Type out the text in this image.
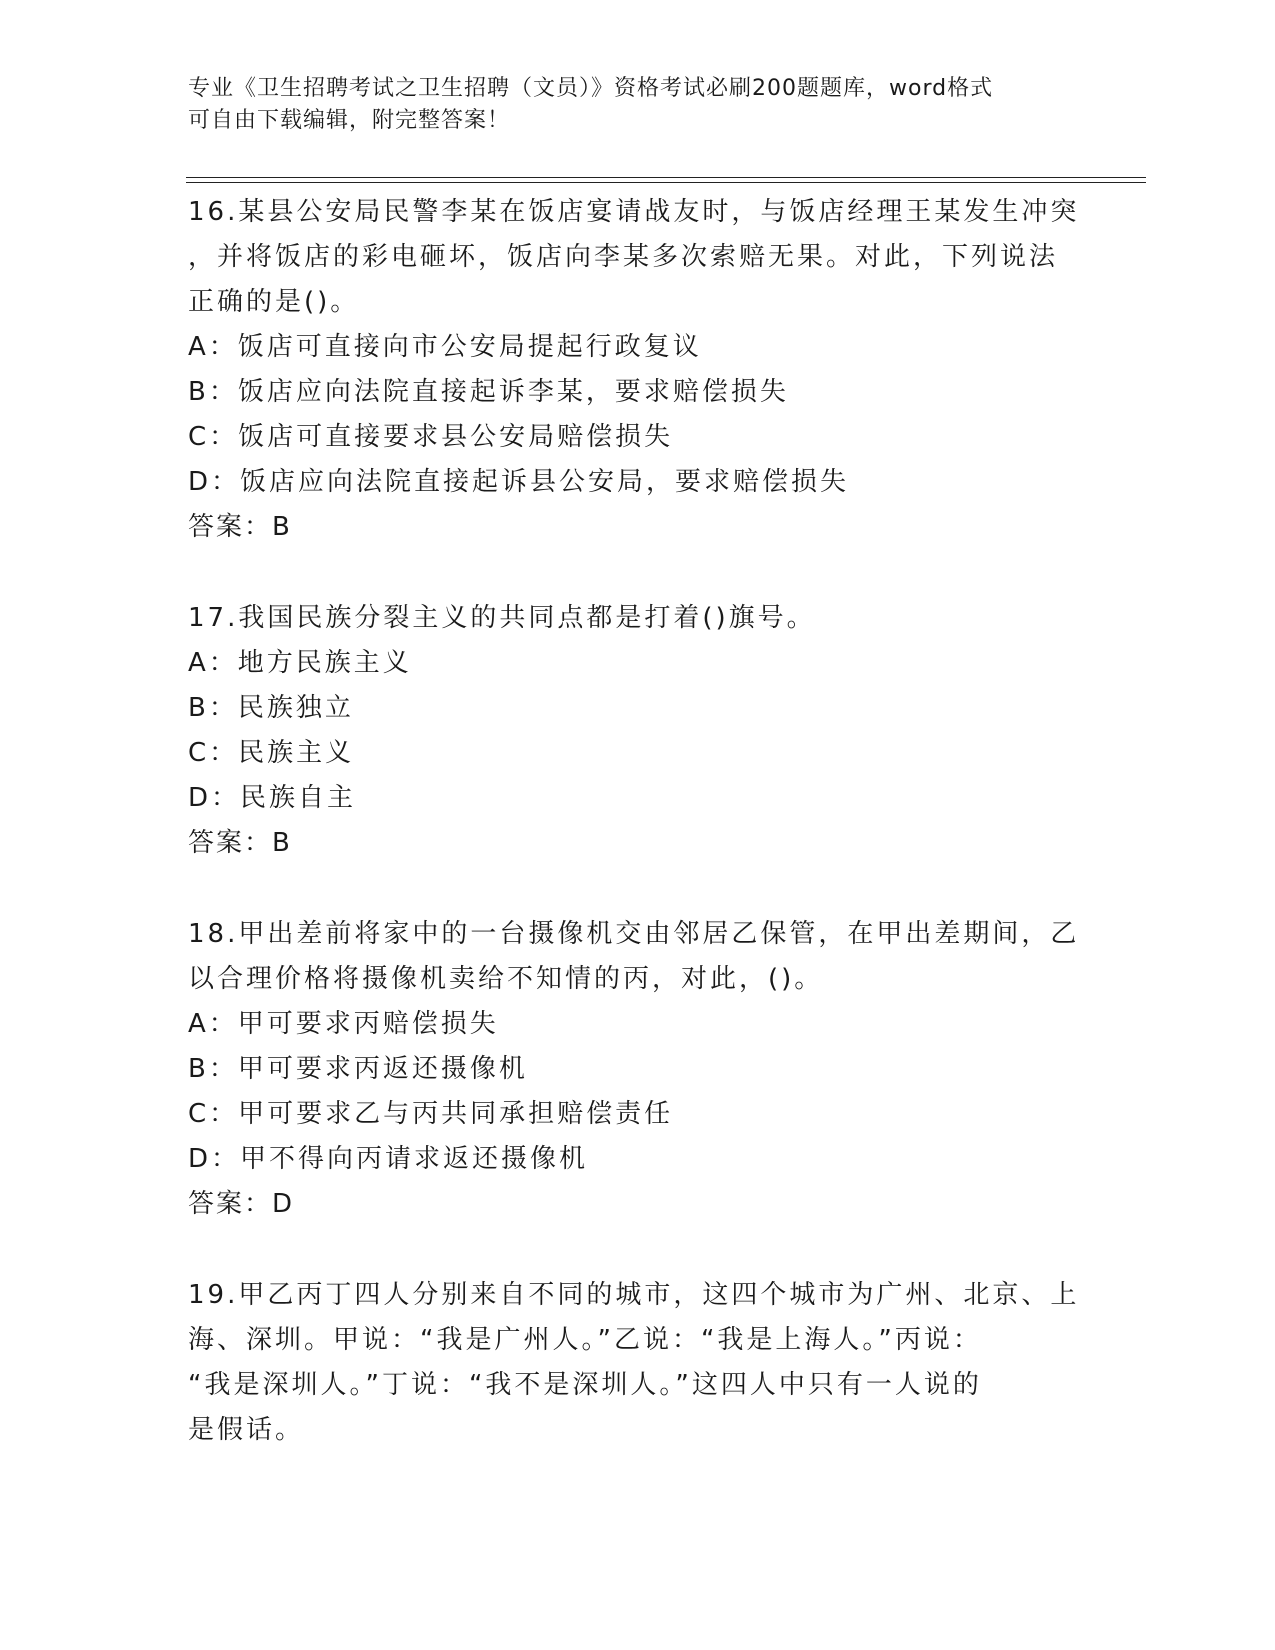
专业《卫生招聘考试之卫生招聘（文员）》资格考试必刷200题题库，word格式
可自由下载编辑，附完整答案！
16.某县公安局民警李某在饭店宴请战友时，与饭店经理王某发生冲突
，并将饭店的彩电砸坏，饭店向李某多次索赔无果。对此，下列说法
正确的是()。
A：饭店可直接向市公安局提起行政复议
B：饭店应向法院直接起诉李某，要求赔偿损失
C：饭店可直接要求县公安局赔偿损失
D：饭店应向法院直接起诉县公安局，要求赔偿损失
答案：B
17.我国民族分裂主义的共同点都是打着()旗号。
A：地方民族主义
B：民族独立
C：民族主义
D：民族自主
答案：B
18.甲出差前将家中的一台摄像机交由邻居乙保管，在甲出差期间，乙
以合理价格将摄像机卖给不知情的丙，对此，()。
A：甲可要求丙赔偿损失
B：甲可要求丙返还摄像机
C：甲可要求乙与丙共同承担赔偿责任
D：甲不得向丙请求返还摄像机
答案：D
19.甲乙丙丁四人分别来自不同的城市，这四个城市为广州、北京、上
海、深圳。甲说：“我是广州人。”乙说：“我是上海人。”丙说：
“我是深圳人。”丁说：“我不是深圳人。”这四人中只有一人说的
是假话。
